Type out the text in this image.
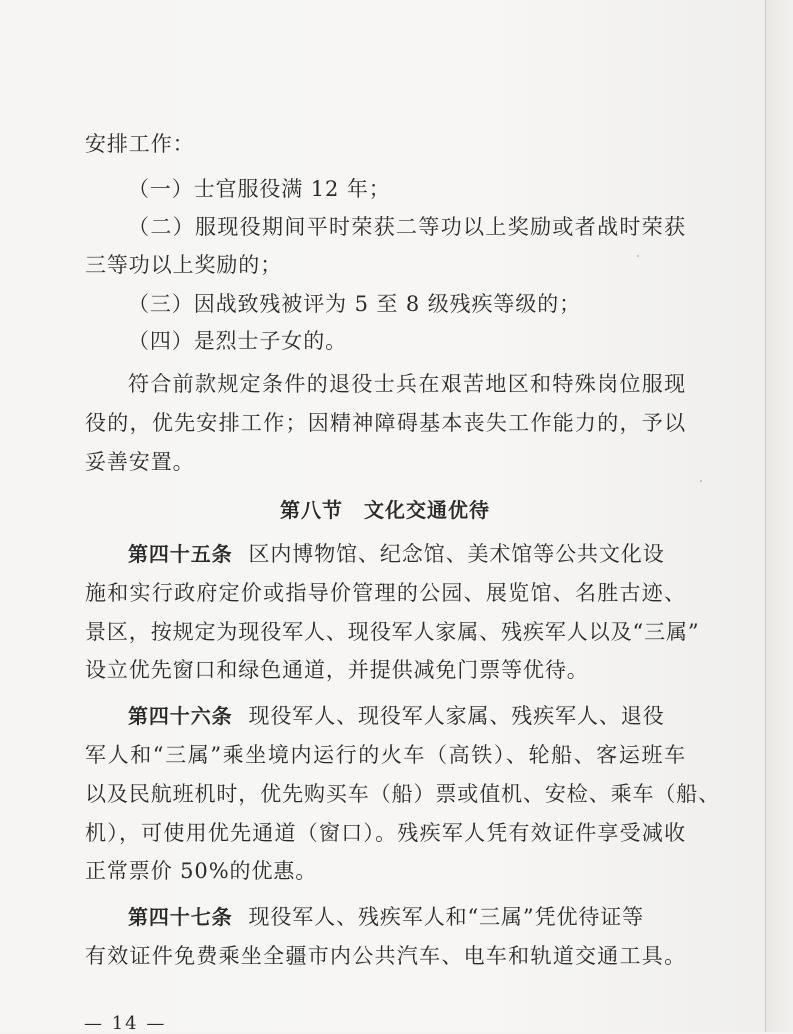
安排工作：
（一）士官服役满 12 年；
（二）服现役期间平时荣获二等功以上奖励或者战时荣获
三等功以上奖励的；
（三）因战致残被评为 5 至 8 级残疾等级的；
（四）是烈士子女的。
符合前款规定条件的退役士兵在艰苦地区和特殊岗位服现
役的，优先安排工作；因精神障碍基本丧失工作能力的，予以
妥善安置。
第八节　文化交通优待
第四十五条 区内博物馆、纪念馆、美术馆等公共文化设
施和实行政府定价或指导价管理的公园、展览馆、名胜古迹、
景区，按规定为现役军人、现役军人家属、残疾军人以及“三属”
设立优先窗口和绿色通道，并提供减免门票等优待。
第四十六条 现役军人、现役军人家属、残疾军人、退役
军人和“三属”乘坐境内运行的火车（高铁）、轮船、客运班车
以及民航班机时，优先购买车（船）票或值机、安检、乘车（船、
机），可使用优先通道（窗口）。残疾军人凭有效证件享受减收
正常票价 50%的优惠。
第四十七条 现役军人、残疾军人和“三属”凭优待证等
有效证件免费乘坐全疆市内公共汽车、电车和轨道交通工具。
— 14 —
